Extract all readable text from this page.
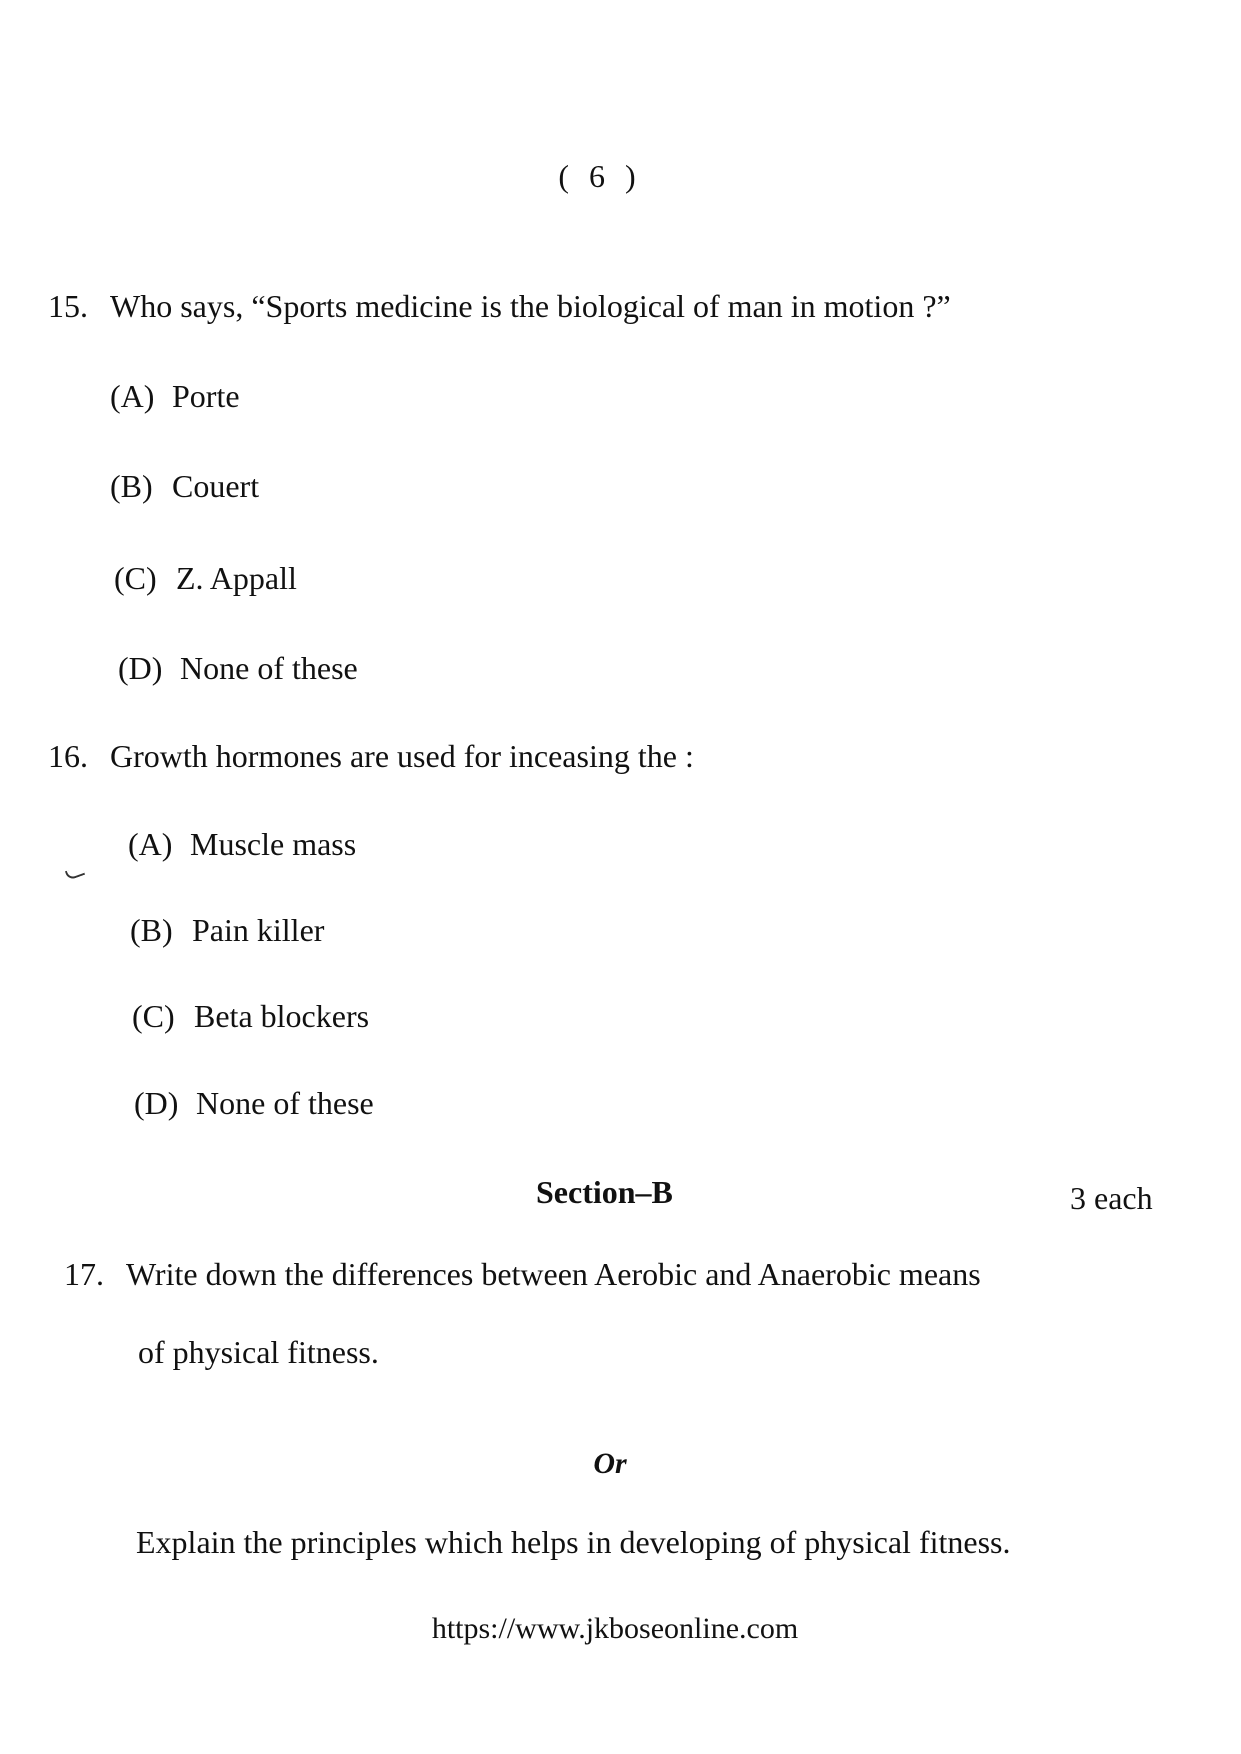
( 6 )
15. Who says, “Sports medicine is the biological of man in motion ?”
(A) Porte
(B) Couert
(C) Z. Appall
(D) None of these
16. Growth hormones are used for inceasing the :
(A) Muscle mass
(B) Pain killer
(C) Beta blockers
(D) None of these
Section–B	3 each
17. Write down the differences between Aerobic and Anaerobic means
of physical fitness.
Or
Explain the principles which helps in developing of physical fitness.
https://www.jkboseonline.com
